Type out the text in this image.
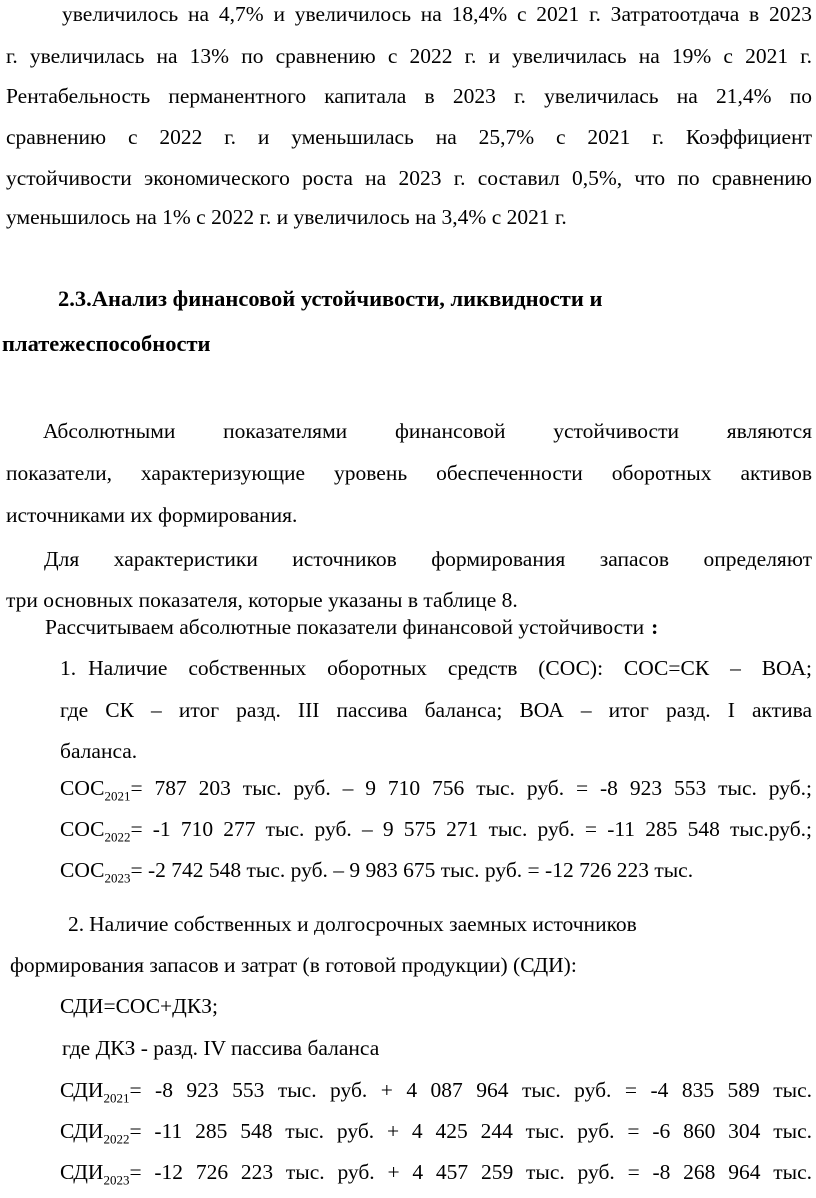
увеличилось на 4,7% и увеличилось на 18,4% с 2021 г. Затратоотдача в 2023
г. увеличилась на 13% по сравнению с 2022 г. и увеличилась на 19% с 2021 г.
Рентабельность перманентного капитала в 2023 г. увеличилась на 21,4% по
сравнению с 2022 г. и уменьшилась на 25,7% с 2021 г. Коэффициент
устойчивости экономического роста на 2023 г. составил 0,5%, что по сравнению
уменьшилось на 1% с 2022 г. и увеличилось на 3,4% с 2021 г.
2.3.Анализ финансовой устойчивости, ликвидности и
платежеспособности
Абсолютными показателями финансовой устойчивости являются
показатели, характеризующие уровень обеспеченности оборотных активов
источниками их формирования.
Для характеристики источников формирования запасов определяют
три основных показателя, которые указаны в таблице 8.
Рассчитываем абсолютные показатели финансовой устойчивости :
1. Наличие собственных оборотных средств (СОС): СОС=СК – ВОА;
где СК – итог разд. III пассива баланса; ВОА – итог разд. I актива
баланса.
$СОС_{2021}= 787$ 203 тыс. руб. – 9 710 756 тыс. руб. = -8 923 553 тыс. руб.;
$СОС_{2022}= -1$ 710 277 тыс. руб. – 9 575 271 тыс. руб. = -11 285 548 тыс.руб.;
$СОС_{2023}= -2$ 742 548 тыс. руб. – 9 983 675 тыс. руб. = -12 726 223 тыс.
2. Наличие собственных и долгосрочных заемных источников
формирования запасов и затрат (в готовой продукции) (СДИ):
СДИ=СОС+ДКЗ;
где ДКЗ - разд. IV пассива баланса
$СДИ_{2021}= -8$ 923 553 тыс. руб. + 4 087 964 тыс. руб. = -4 835 589 тыс.
$СДИ_{2022}= -11$ 285 548 тыс. руб. + 4 425 244 тыс. руб. = -6 860 304 тыс.
$СДИ_{2023}= -12$ 726 223 тыс. руб. + 4 457 259 тыс. руб. = -8 268 964 тыс.
